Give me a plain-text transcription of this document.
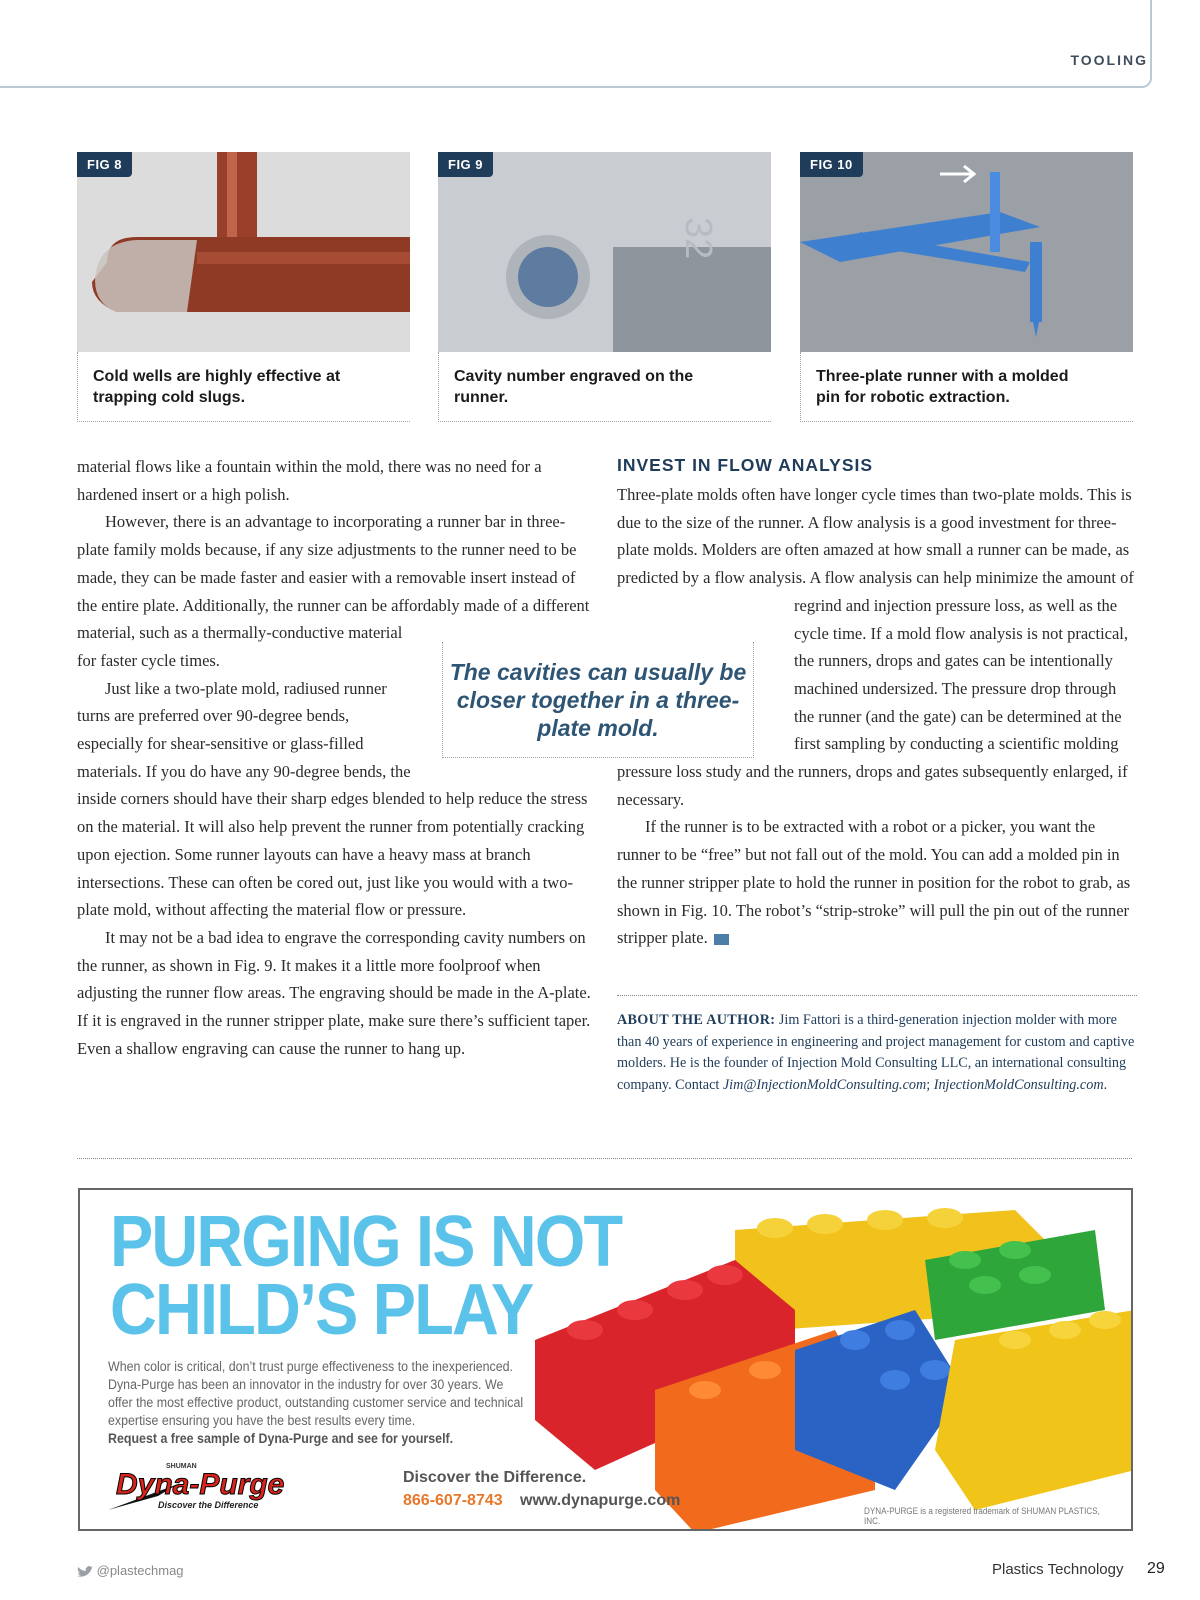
TOOLING
FIG 8
Cold wells are highly effective at trapping cold slugs.
32
FIG 9
Cavity number engraved on the runner.
FIG 10
Three-plate runner with a molded pin for robotic extraction.

material flows like a fountain within the mold, there was no need for a hardened insert or a high polish.

However, there is an advantage to incorporating a runner bar in three-plate family molds because, if any size adjustments to the runner need to be made, they can be made faster and easier with a removable insert instead of the entire plate. Additionally, the runner can be affordably made of a different material, such as a thermally-conductive material for faster cycle times.

Just like a two-plate mold, radiused runner turns are preferred over 90-degree bends, especially for shear-sensitive or glass-filled materials. If you do have any 90-degree bends, the inside corners should have their sharp edges blended to help reduce the stress on the material. It will also help prevent the runner from potentially cracking upon ejection. Some runner layouts can have a heavy mass at branch intersections. These can often be cored out, just like you would with a two-plate mold, without affecting the material flow or pressure.

It may not be a bad idea to engrave the corresponding cavity numbers on the runner, as shown in Fig. 9. It makes it a little more foolproof when adjusting the runner flow areas. The engraving should be made in the A-plate. If it is engraved in the runner stripper plate, make sure there’s sufficient taper. Even a shallow engraving can cause the runner to hang up.

The cavities can usually be closer together in a three-plate mold.
INVEST IN FLOW ANALYSIS

Three-plate molds often have longer cycle times than two-plate molds. This is due to the size of the runner. A flow analysis is a good investment for three-plate molds. Molders are often amazed at how small a runner can be made, as predicted by a flow analysis. A flow analysis can help minimize the amount of regrind and injection pressure loss, as well as the cycle time. If a mold flow analysis is not practical, the runners, drops and gates can be intentionally machined undersized. The pressure drop through the runner (and the gate) can be determined at the first sampling by conducting a scientific molding pressure loss study and the runners, drops and gates subsequently enlarged, if necessary.

If the runner is to be extracted with a robot or a picker, you want the runner to be “free” but not fall out of the mold. You can add a molded pin in the runner stripper plate to hold the runner in position for the robot to grab, as shown in Fig. 10. The robot’s “strip-stroke” will pull the pin out of the runner stripper plate.	PT

ABOUT THE AUTHOR: Jim Fattori is a third-generation injection molder with more than 40 years of experience in engineering and project management for custom and captive molders. He is the founder of Injection Mold Consulting LLC, an international consulting company. Contact Jim@InjectionMoldConsulting.com; InjectionMoldConsulting.com.
PURGING IS NOT
CHILD’S PLAY
When color is critical, don’t trust purge effectiveness to the inexperienced. Dyna-Purge has been an innovator in the industry for over 30 years. We offer the most effective product, outstanding customer service and technical expertise ensuring you have the best results every time.
Request a free sample of Dyna-Purge and see for yourself.
SHUMAN
Dyna-Purge
Discover the Difference
Discover the Difference.
866-607-8743 www.dynapurge.com
DYNA-PURGE is a registered trademark of SHUMAN PLASTICS, INC.
@plastechmag	Plastics Technology 29
